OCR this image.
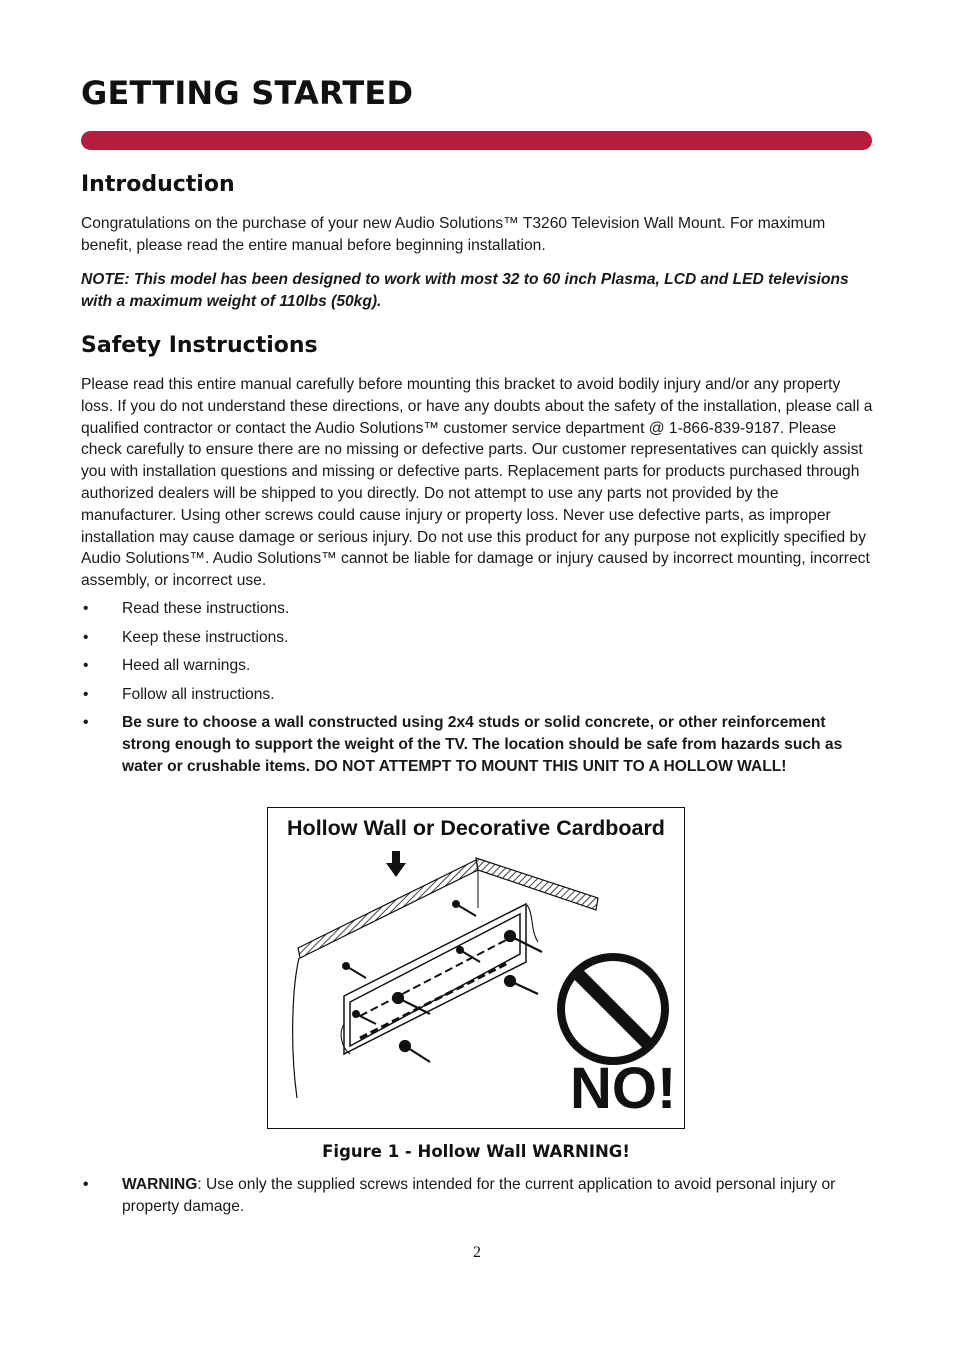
GETTING STARTED
Introduction

Congratulations on the purchase of your new Audio Solutions™ T3260 Television Wall Mount. For maximum benefit, please read the entire manual before beginning installation.

NOTE: This model has been designed to work with most 32 to 60 inch Plasma, LCD and LED televisions with a maximum weight of 110lbs (50kg).

Safety Instructions

Please read this entire manual carefully before mounting this bracket to avoid bodily injury and/or any property loss. If you do not understand these directions, or have any doubts about the safety of the installation, please call a qualified contractor or contact the Audio Solutions™ customer service department @ 1-866-839-9187. Please check carefully to ensure there are no missing or defective parts. Our customer representatives can quickly assist you with installation questions and missing or defective parts. Replacement parts for products purchased through authorized dealers will be shipped to you directly. Do not attempt to use any parts not provided by the manufacturer. Using other screws could cause injury or property loss. Never use defective parts, as improper installation may cause damage or serious injury. Do not use this product for any purpose not explicitly specified by Audio Solutions™. Audio Solutions™ cannot be liable for damage or injury caused by incorrect mounting, incorrect assembly, or incorrect use.

• Read these instructions.
• Keep these instructions.
• Heed all warnings.
• Follow all instructions.
• Be sure to choose a wall constructed using 2x4 studs or solid concrete, or other reinforcement strong enough to support the weight of the TV. The location should be safe from hazards such as water or crushable items. DO NOT ATTEMPT TO MOUNT THIS UNIT TO A HOLLOW WALL!
Hollow Wall or Decorative Cardboard
NO!
Figure 1 - Hollow Wall WARNING!
• WARNING: Use only the supplied screws intended for the current application to avoid personal injury or property damage.
2
